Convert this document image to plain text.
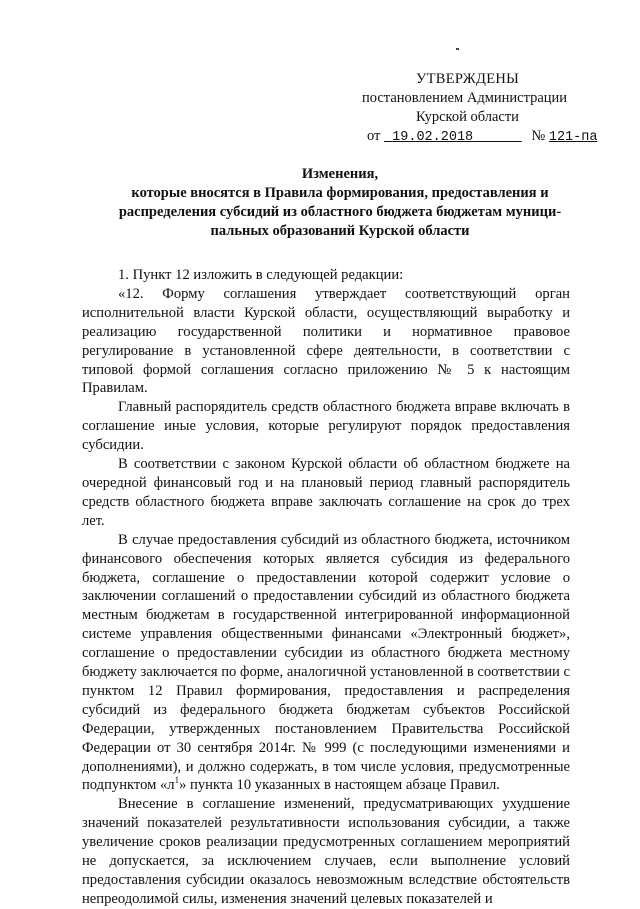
УТВЕРЖДЕНЫ
постановлением Администрации
Курской области
от 19.02.2018	№ 121-па
Изменения,
которые вносятся в Правила формирования, предоставления и
распределения субсидий из областного бюджета бюджетам муници-
пальных образований Курской области

1. Пункт 12 изложить в следующей редакции:

«12. Форму соглашения утверждает соответствующий орган исполнительной власти Курской области, осуществляющий выработку и реализацию государственной политики и нормативное правовое регулирование в установленной сфере деятельности, в соответствии с типовой формой соглашения согласно приложению № 5 к настоящим Правилам.

Главный распорядитель средств областного бюджета вправе включать в соглашение иные условия, которые регулируют порядок предоставления субсидии.

В соответствии с законом Курской области об областном бюджете на очередной финансовый год и на плановый период главный распорядитель средств областного бюджета вправе заключать соглашение на срок до трех лет.

В случае предоставления субсидий из областного бюджета, источником финансового обеспечения которых является субсидия из федерального бюджета, соглашение о предоставлении которой содержит условие о заключении соглашений о предоставлении субсидий из областного бюджета местным бюджетам в государственной интегрированной информационной системе управления общественными финансами «Электронный бюджет», соглашение о предоставлении субсидии из областного бюджета местному бюджету заключается по форме, аналогичной установленной в соответствии с пунктом 12 Правил формирования, предоставления и распределения субсидий из федерального бюджета бюджетам субъектов Российской Федерации, утвержденных постановлением Правительства Российской Федерации от 30 сентября 2014г. № 999 (с последующими изменениями и дополнениями), и должно содержать, в том числе условия, предусмотренные подпунктом «$л^1$» пункта 10 указанных в настоящем абзаце Правил.

Внесение в соглашение изменений, предусматривающих ухудшение значений показателей результативности использования субсидии, а также увеличение сроков реализации предусмотренных соглашением мероприятий не допускается, за исключением случаев, если выполнение условий предоставления субсидии оказалось невозможным вследствие обстоятельств непреодолимой силы, изменения значений целевых показателей и
